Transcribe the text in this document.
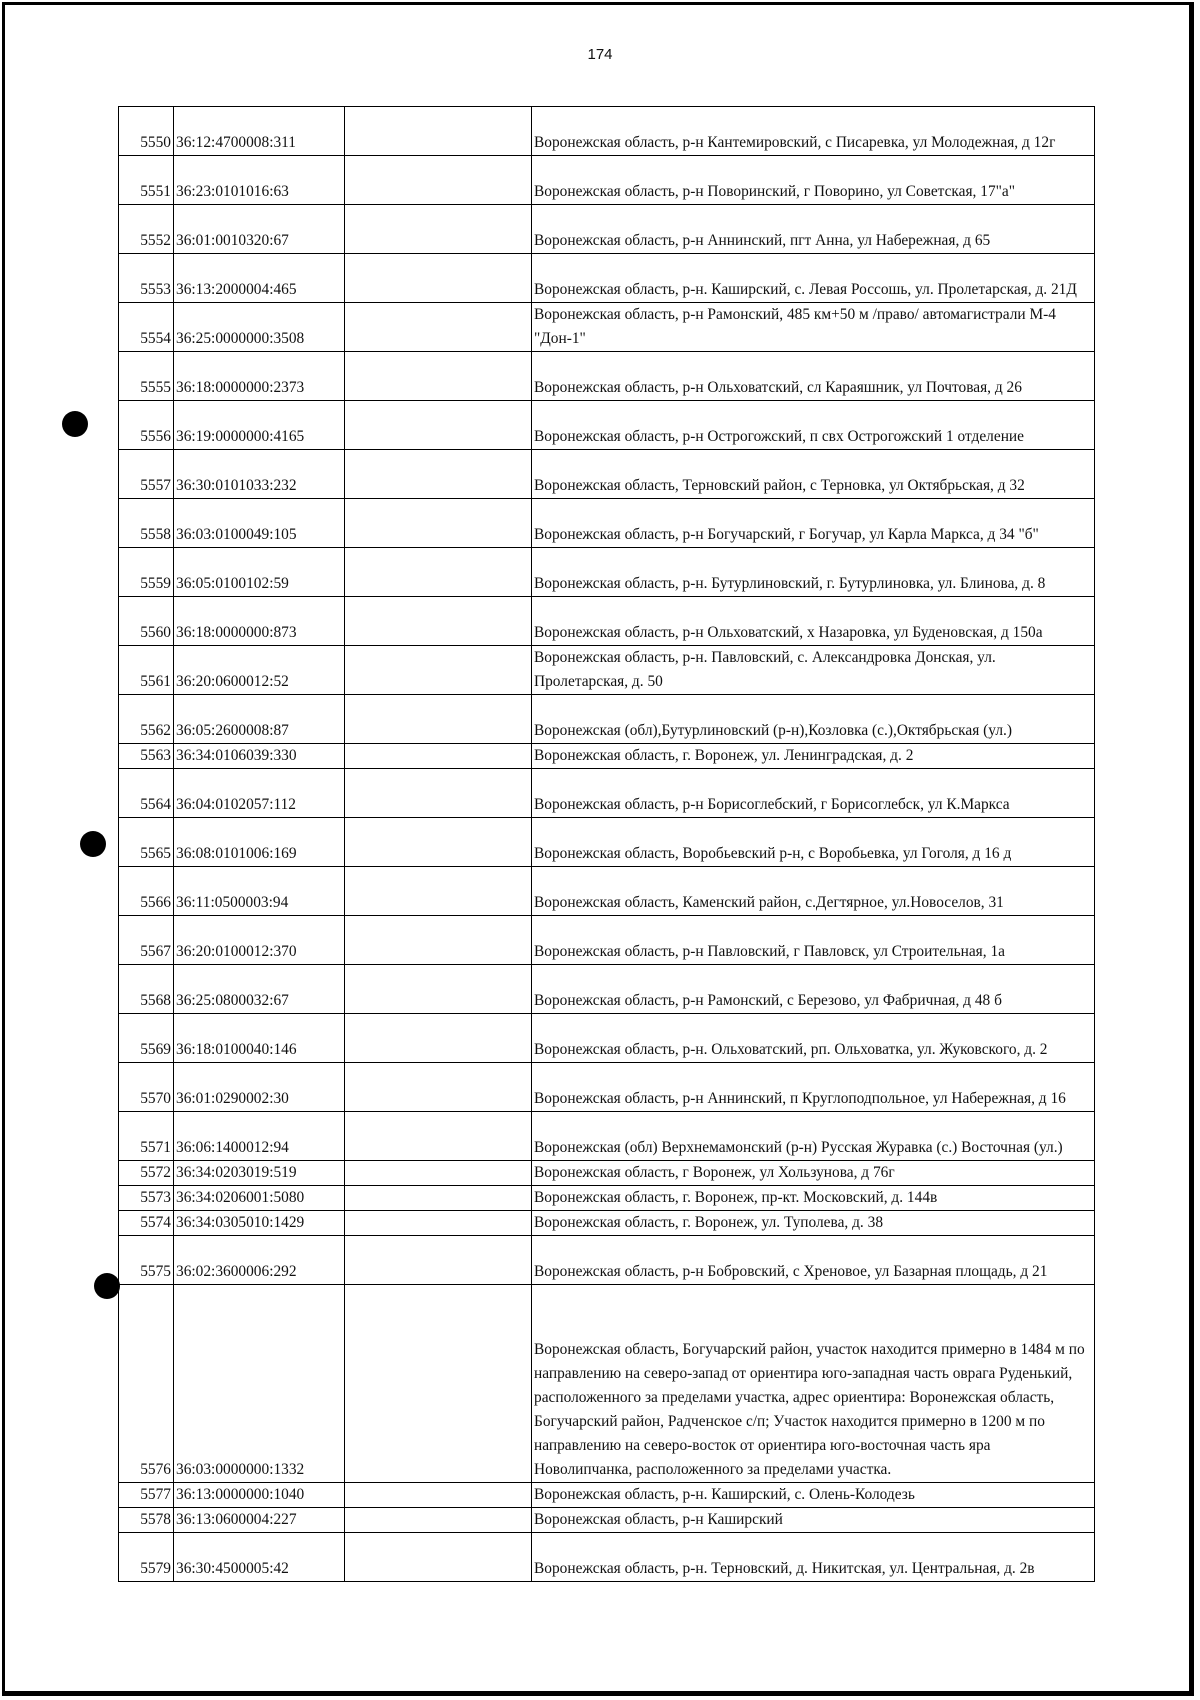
174
5550	36:12:4700008:311		Воронежская область, р-н Кантемировский, с Писаревка, ул Молодежная, д 12г
5551	36:23:0101016:63		Воронежская область, р-н Поворинский, г Поворино, ул Советская, 17"а"
5552	36:01:0010320:67		Воронежская область, р-н Аннинский, пгт Анна, ул Набережная, д 65
5553	36:13:2000004:465		Воронежская область, р-н. Каширский, с. Левая Россошь, ул. Пролетарская, д. 21Д
5554	36:25:0000000:3508		Воронежская область, р-н Рамонский, 485 км+50 м /право/ автомагистрали М-4 "Дон-1"
5555	36:18:0000000:2373		Воронежская область, р-н Ольховатский, сл Караяшник, ул Почтовая, д 26
5556	36:19:0000000:4165		Воронежская область, р-н Острогожский, п свх Острогожский 1 отделение
5557	36:30:0101033:232		Воронежская область, Терновский район, с Терновка, ул Октябрьская, д 32
5558	36:03:0100049:105		Воронежская область, р-н Богучарский, г Богучар, ул Карла Маркса, д 34 "б"
5559	36:05:0100102:59		Воронежская область, р-н. Бутурлиновский, г. Бутурлиновка, ул. Блинова, д. 8
5560	36:18:0000000:873		Воронежская область, р-н Ольховатский, х Назаровка, ул Буденовская, д 150а
5561	36:20:0600012:52		Воронежская область, р-н. Павловский, с. Александровка Донская, ул. Пролетарская, д. 50
5562	36:05:2600008:87		Воронежская (обл),Бутурлиновский (р-н),Козловка (с.),Октябрьская (ул.)
5563	36:34:0106039:330		Воронежская область, г. Воронеж, ул. Ленинградская, д. 2
5564	36:04:0102057:112		Воронежская область, р-н Борисоглебский, г Борисоглебск, ул К.Маркса
5565	36:08:0101006:169		Воронежская область, Воробьевский р-н, с Воробьевка, ул Гоголя, д 16 д
5566	36:11:0500003:94		Воронежская область, Каменский район, с.Дегтярное, ул.Новоселов, 31
5567	36:20:0100012:370		Воронежская область, р-н Павловский, г Павловск, ул Строительная, 1а
5568	36:25:0800032:67		Воронежская область, р-н Рамонский, с Березово, ул Фабричная, д 48 б
5569	36:18:0100040:146		Воронежская область, р-н. Ольховатский, рп. Ольховатка, ул. Жуковского, д. 2
5570	36:01:0290002:30		Воронежская область, р-н Аннинский, п Круглоподпольное, ул Набережная, д 16
5571	36:06:1400012:94		Воронежская (обл) Верхнемамонский (р-н) Русская Журавка (с.) Восточная (ул.)
5572	36:34:0203019:519		Воронежская область, г Воронеж, ул Хользунова, д 76г
5573	36:34:0206001:5080		Воронежская область, г. Воронеж, пр-кт. Московский, д. 144в
5574	36:34:0305010:1429		Воронежская область, г. Воронеж, ул. Туполева, д. 38
5575	36:02:3600006:292		Воронежская область, р-н Бобровский, с Хреновое, ул Базарная площадь, д 21
5576	36:03:0000000:1332		Воронежская область, Богучарский район, участок находится примерно в 1484 м по направлению на северо-запад от ориентира юго-западная часть оврага Руденький, расположенного за пределами участка, адрес ориентира: Воронежская область, Богучарский район, Радченское с/п; Участок находится примерно в 1200 м по направлению на северо-восток от ориентира юго-восточная часть яра Новолипчанка, расположенного за пределами участка.
5577	36:13:0000000:1040		Воронежская область, р-н. Каширский, с. Олень-Колодезь
5578	36:13:0600004:227		Воронежская область, р-н Каширский
5579	36:30:4500005:42		Воронежская область, р-н. Терновский, д. Никитская, ул. Центральная, д. 2в
